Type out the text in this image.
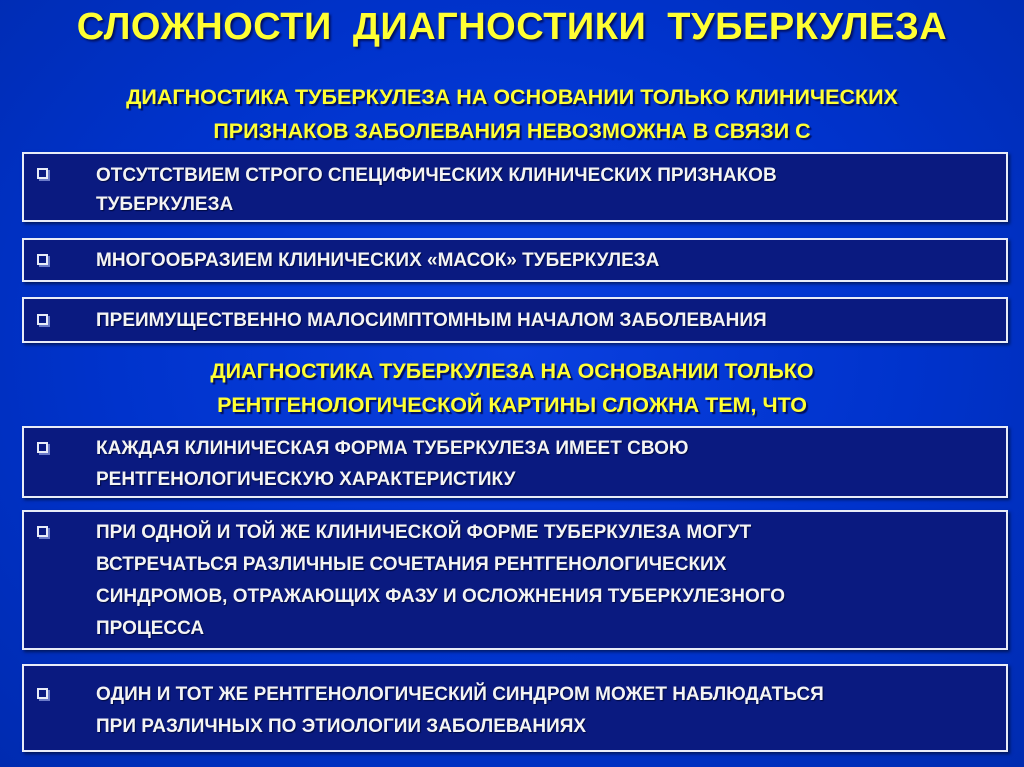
СЛОЖНОСТИ ДИАГНОСТИКИ ТУБЕРКУЛЕЗА
ДИАГНОСТИКА ТУБЕРКУЛЕЗА НА ОСНОВАНИИ ТОЛЬКО КЛИНИЧЕСКИХ
ПРИЗНАКОВ ЗАБОЛЕВАНИЯ НЕВОЗМОЖНА В СВЯЗИ С
ОТСУТСТВИЕМ СТРОГО СПЕЦИФИЧЕСКИХ КЛИНИЧЕСКИХ ПРИЗНАКОВ
ТУБЕРКУЛЕЗА
МНОГООБРАЗИЕМ КЛИНИЧЕСКИХ «МАСОК» ТУБЕРКУЛЕЗА
ПРЕИМУЩЕСТВЕННО МАЛОСИМПТОМНЫМ НАЧАЛОМ ЗАБОЛЕВАНИЯ
ДИАГНОСТИКА ТУБЕРКУЛЕЗА НА ОСНОВАНИИ ТОЛЬКО
РЕНТГЕНОЛОГИЧЕСКОЙ КАРТИНЫ СЛОЖНА ТЕМ, ЧТО
КАЖДАЯ КЛИНИЧЕСКАЯ ФОРМА ТУБЕРКУЛЕЗА ИМЕЕТ СВОЮ
РЕНТГЕНОЛОГИЧЕСКУЮ ХАРАКТЕРИСТИКУ
ПРИ ОДНОЙ И ТОЙ ЖЕ КЛИНИЧЕСКОЙ ФОРМЕ ТУБЕРКУЛЕЗА МОГУТ
ВСТРЕЧАТЬСЯ РАЗЛИЧНЫЕ СОЧЕТАНИЯ РЕНТГЕНОЛОГИЧЕСКИХ
СИНДРОМОВ, ОТРАЖАЮЩИХ ФАЗУ И ОСЛОЖНЕНИЯ ТУБЕРКУЛЕЗНОГО
ПРОЦЕССА
ОДИН И ТОТ ЖЕ РЕНТГЕНОЛОГИЧЕСКИЙ СИНДРОМ МОЖЕТ НАБЛЮДАТЬСЯ
ПРИ РАЗЛИЧНЫХ ПО ЭТИОЛОГИИ ЗАБОЛЕВАНИЯХ
